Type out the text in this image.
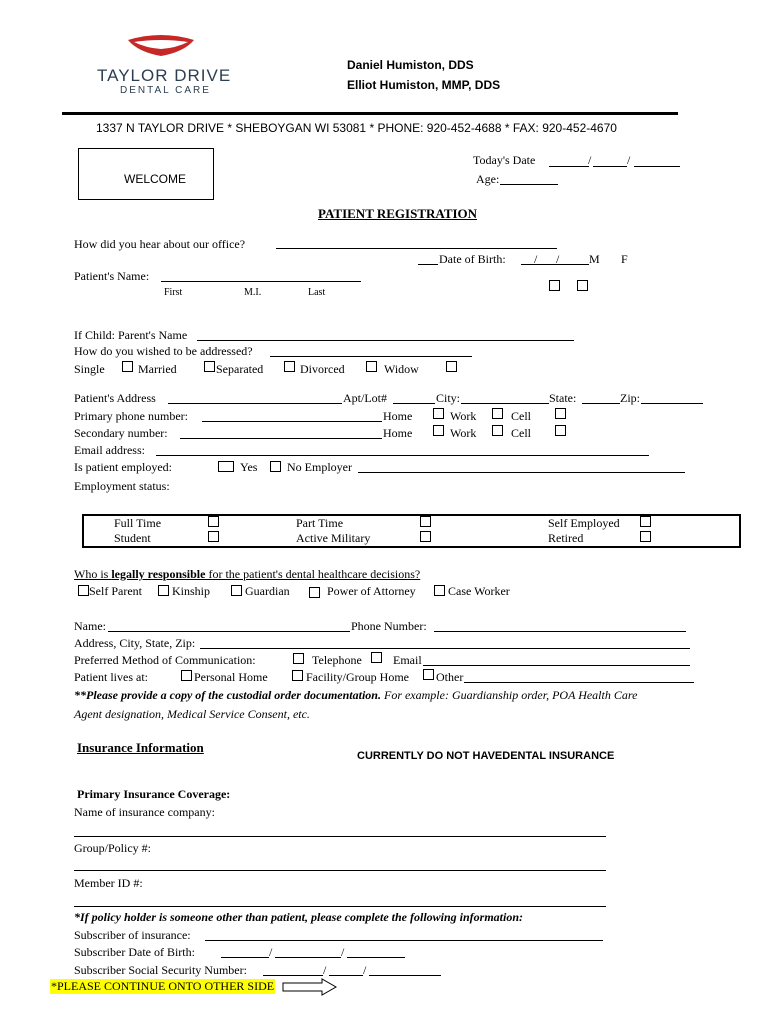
TAYLOR DRIVE
DENTAL CARE
Daniel Humiston, DDS
Elliot Humiston, MMP, DDS
1337 N TAYLOR DRIVE * SHEBOYGAN WI 53081 * PHONE: 920-452-4688 * FAX: 920-452-4670
WELCOME
Today's Date	/	/
Age:
PATIENT REGISTRATION
How did you hear about our office?
Date of Birth: / / M F
Patient's Name:
First	M.I.	Last
If Child: Parent's Name
How do you wished to be addressed?
Single	Married	Separated	Divorced	Widow
Patient's Address	Apt/Lot#	City:	State:	Zip:
Primary phone number:	Home	Work	Cell
Secondary number:	Home	Work	Cell
Email address:
Is patient employed:	Yes No Employer
Employment status:
Full Time		Part Time		Self Employed	
Student		Active Military		Retired	
Who is legally responsible for the patient's dental healthcare decisions?
Self Parent	Kinship	Guardian	Power of Attorney	Case Worker
Name:	Phone Number:
Address, City, State, Zip:
Preferred Method of Communication:	Telephone	Email
Patient lives at:	Personal Home	Facility/Group Home Other
**Please provide a copy of the custodial order documentation. For example: Guardianship order, POA Health Care
Agent designation, Medical Service Consent, etc.
Insurance Information
CURRENTLY DO NOT HAVEDENTAL INSURANCE
Primary Insurance Coverage:
Name of insurance company:
Group/Policy #:
Member ID #:
*If policy holder is someone other than patient, please complete the following information:
Subscriber of insurance:
Subscriber Date of Birth:	/	/
Subscriber Social Security Number:	/	/
*PLEASE CONTINUE ONTO OTHER SIDE
